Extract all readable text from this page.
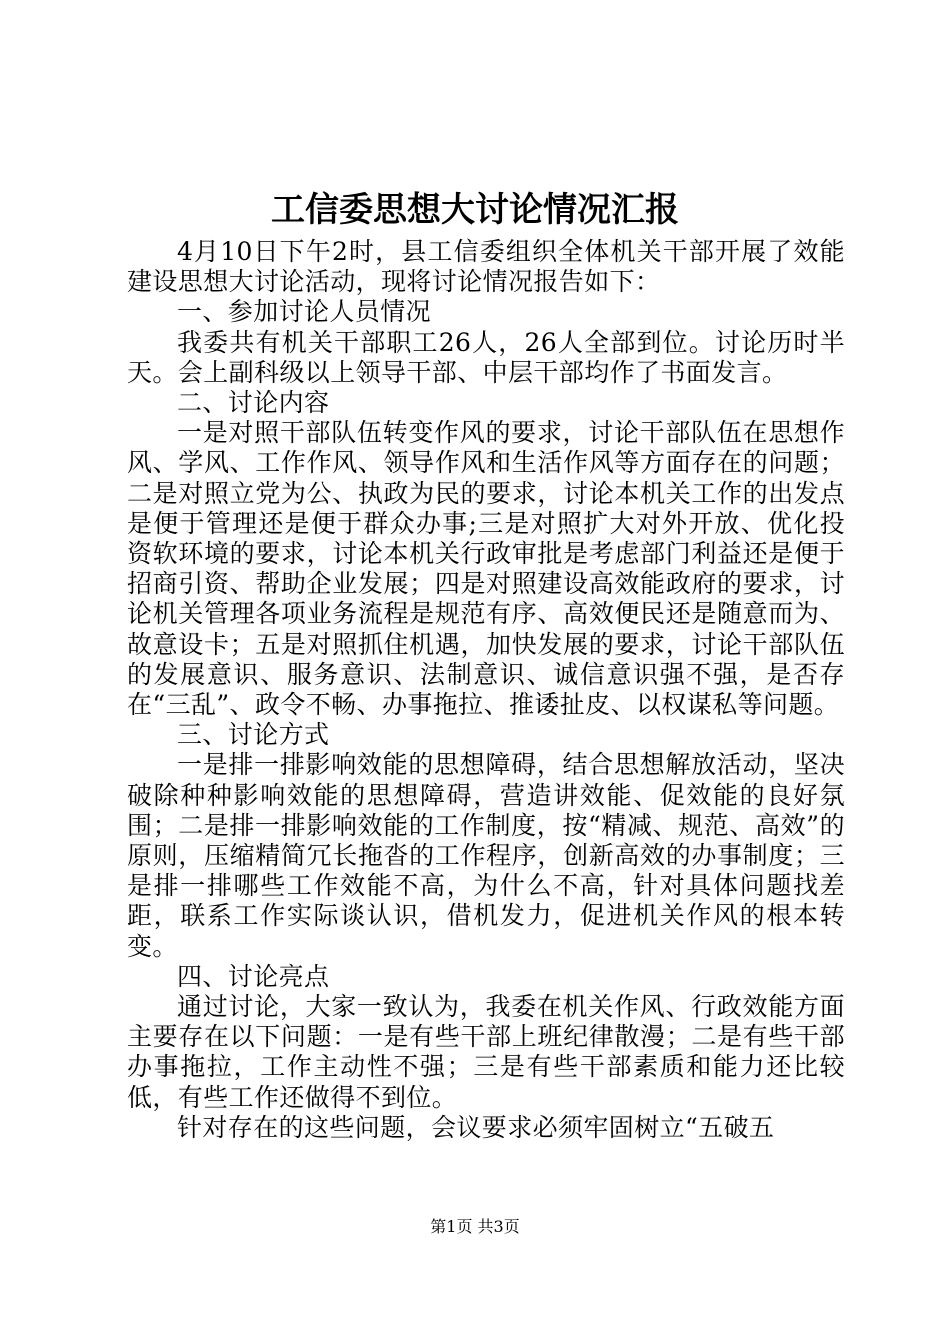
工信委思想大讨论情况汇报

4月10日下午2时，县工信委组织全体机关干部开展了效能建设思想大讨论活动，现将讨论情况报告如下：

一、参加讨论人员情况

我委共有机关干部职工26人，26人全部到位。讨论历时半天。会上副科级以上领导干部、中层干部均作了书面发言。

二、讨论内容

一是对照干部队伍转变作风的要求，讨论干部队伍在思想作风、学风、工作作风、领导作风和生活作风等方面存在的问题；二是对照立党为公、执政为民的要求，讨论本机关工作的出发点是便于管理还是便于群众办事;三是对照扩大对外开放、优化投资软环境的要求，讨论本机关行政审批是考虑部门利益还是便于招商引资、帮助企业发展；四是对照建设高效能政府的要求，讨论机关管理各项业务流程是规范有序、高效便民还是随意而为、故意设卡；五是对照抓住机遇，加快发展的要求，讨论干部队伍的发展意识、服务意识、法制意识、诚信意识强不强，是否存在“三乱”、政令不畅、办事拖拉、推诿扯皮、以权谋私等问题。

三、讨论方式

一是排一排影响效能的思想障碍，结合思想解放活动，坚决破除种种影响效能的思想障碍，营造讲效能、促效能的良好氛围；二是排一排影响效能的工作制度，按“精减、规范、高效”的原则，压缩精简冗长拖沓的工作程序，创新高效的办事制度；三是排一排哪些工作效能不高，为什么不高，针对具体问题找差距，联系工作实际谈认识，借机发力，促进机关作风的根本转变。

四、讨论亮点

通过讨论，大家一致认为，我委在机关作风、行政效能方面主要存在以下问题：一是有些干部上班纪律散漫；二是有些干部办事拖拉，工作主动性不强；三是有些干部素质和能力还比较低，有些工作还做得不到位。

针对存在的这些问题，会议要求必须牢固树立“五破五

第1页 共3页
